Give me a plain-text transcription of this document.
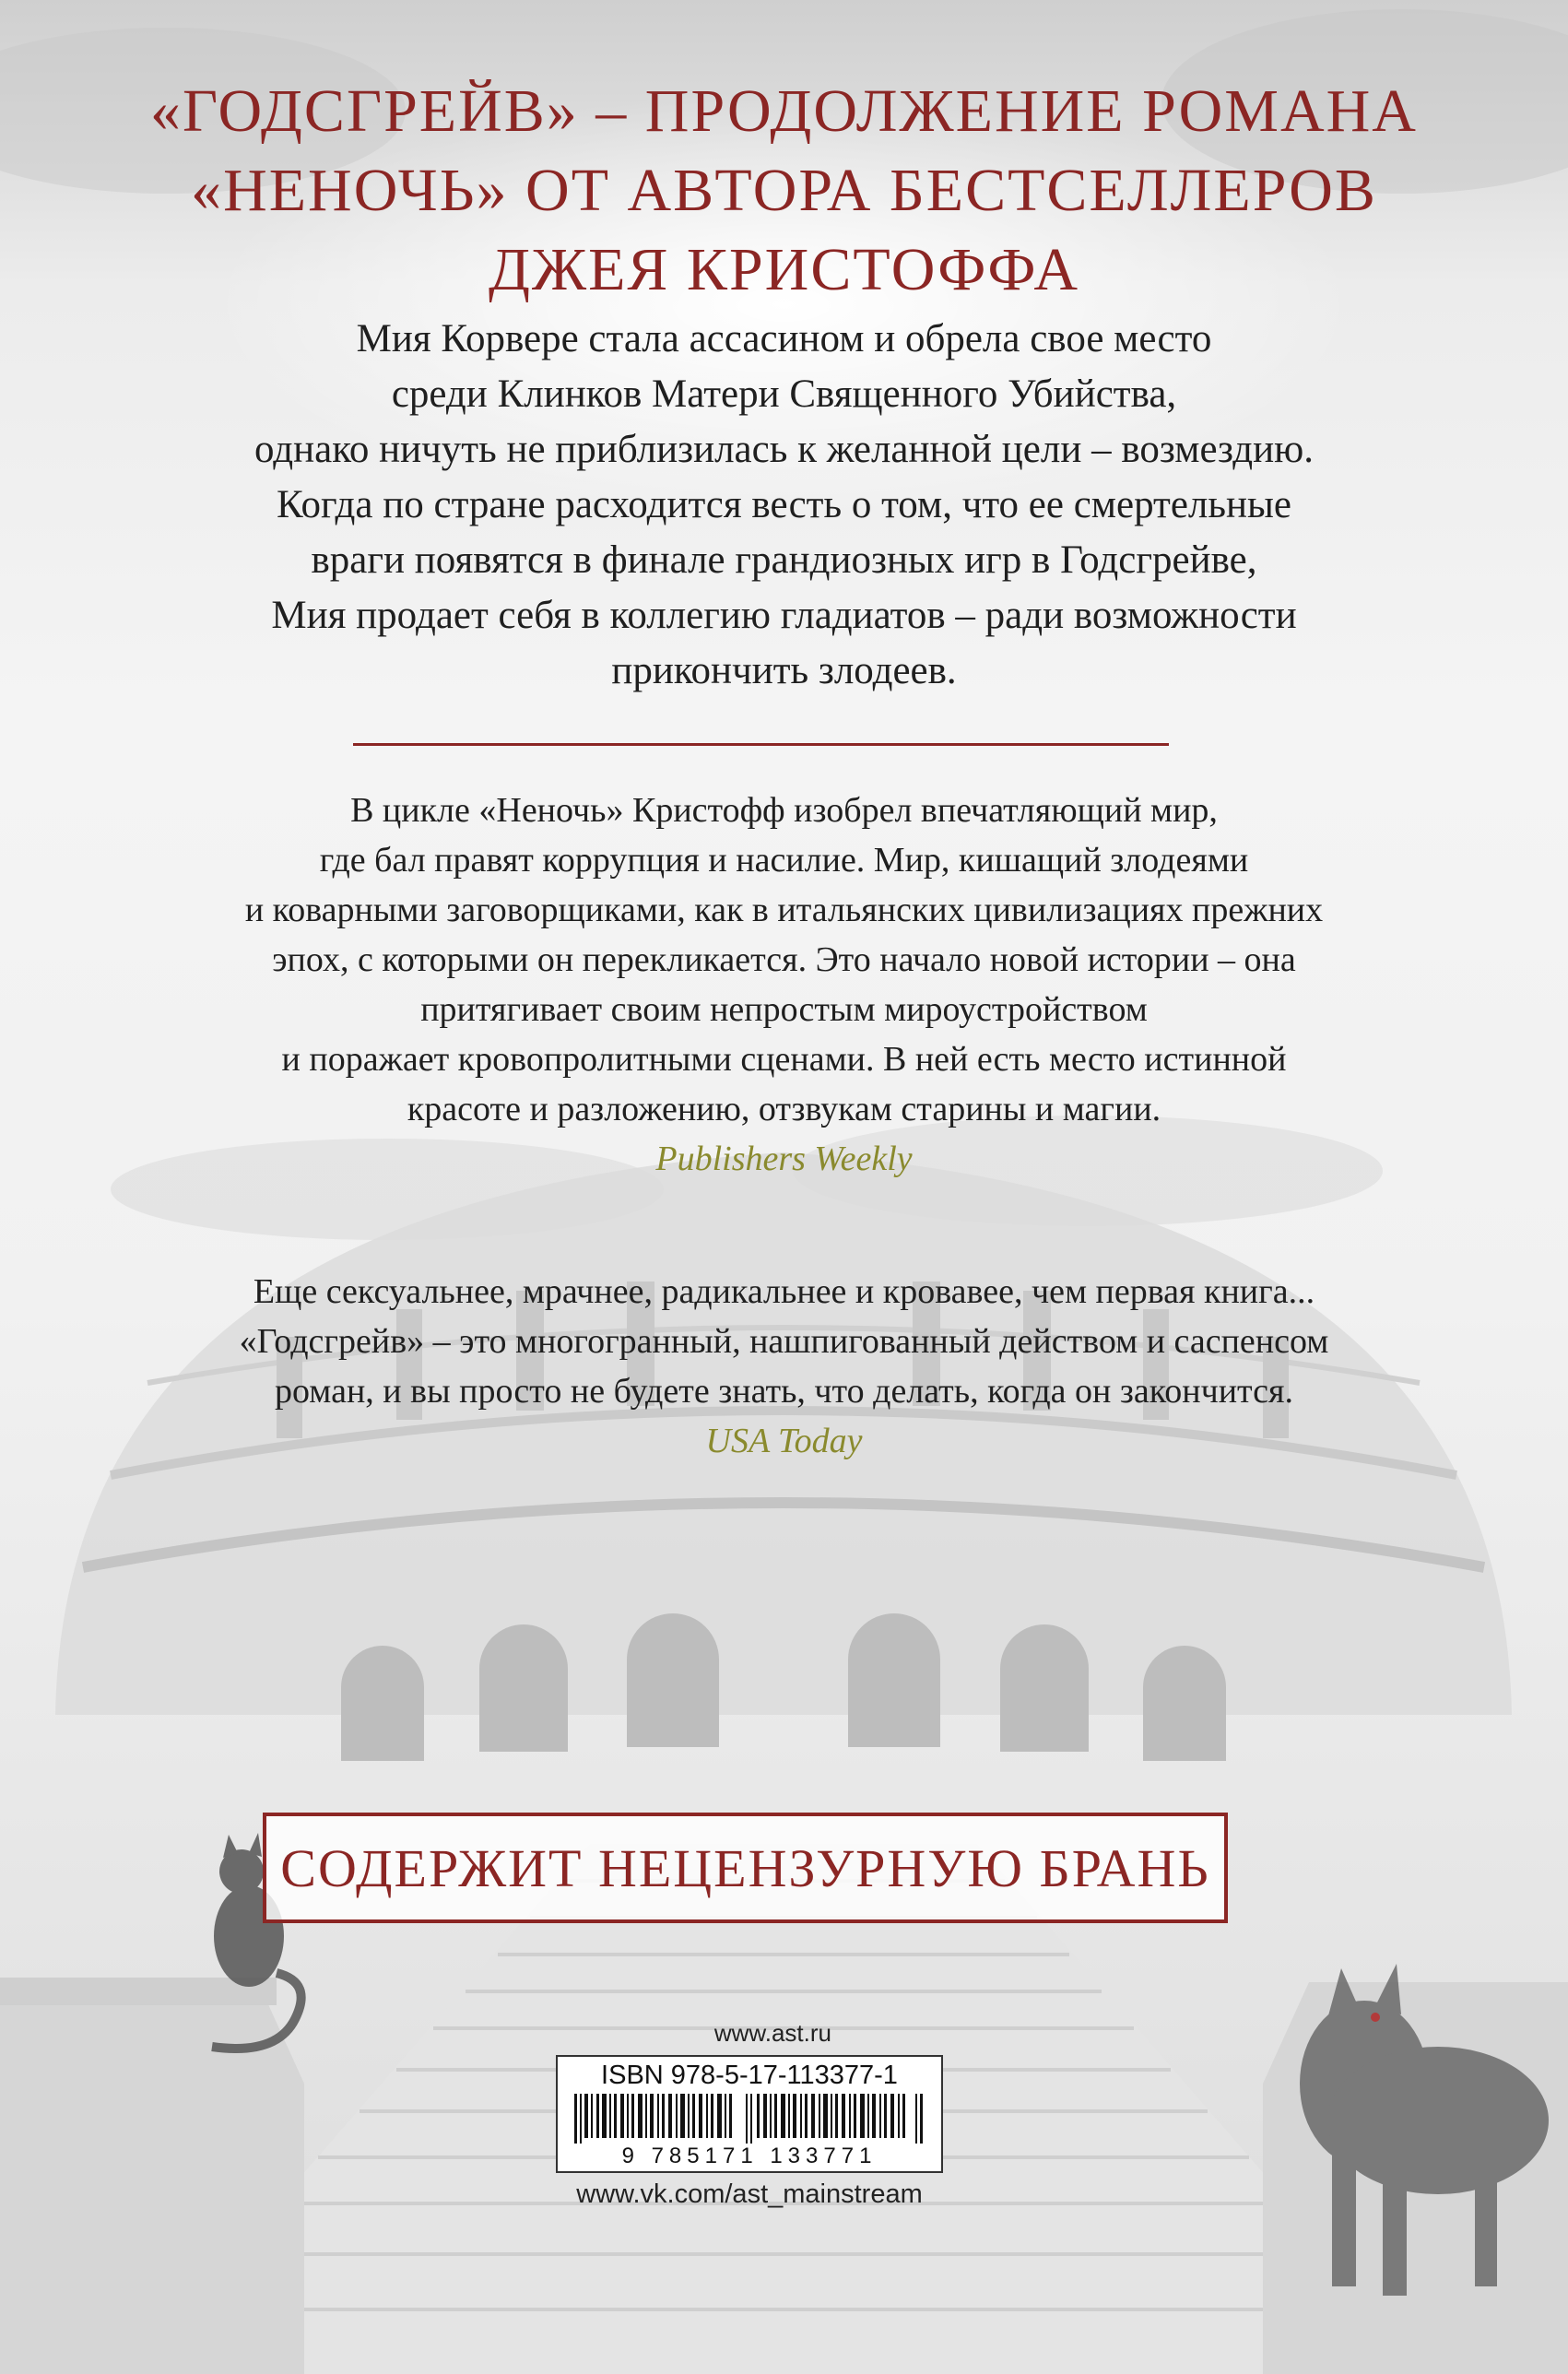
«ГОДСГРЕЙВ» – ПРОДОЛЖЕНИЕ РОМАНА
«НЕНОЧЬ» ОТ АВТОРА БЕСТСЕЛЛЕРОВ
ДЖЕЯ КРИСТОФФА
Мия Корвере стала ассасином и обрела свое место
среди Клинков Матери Священного Убийства,
однако ничуть не приблизилась к желанной цели – возмездию.
Когда по стране расходится весть о том, что ее смертельные
враги появятся в финале грандиозных игр в Годсгрейве,
Мия продает себя в коллегию гладиатов – ради возможности
прикончить злодеев.
В цикле «Неночь» Кристофф изобрел впечатляющий мир,
где бал правят коррупция и насилие. Мир, кишащий злодеями
и коварными заговорщиками, как в итальянских цивилизациях прежних
эпох, с которыми он перекликается. Это начало новой истории – она
притягивает своим непростым мироустройством
и поражает кровопролитными сценами. В ней есть место истинной
красоте и разложению, отзвукам старины и магии.
Publishers Weekly
Еще сексуальнее, мрачнее, радикальнее и кровавее, чем первая книга...
«Годсгрейв» – это многогранный, нашпигованный действом и саспенсом
роман, и вы просто не будете знать, что делать, когда он закончится.
USA Today
СОДЕРЖИТ НЕЦЕНЗУРНУЮ БРАНЬ
www.ast.ru
ISBN 978-5-17-113377-1
9 785171 133771
www.vk.com/ast_mainstream
